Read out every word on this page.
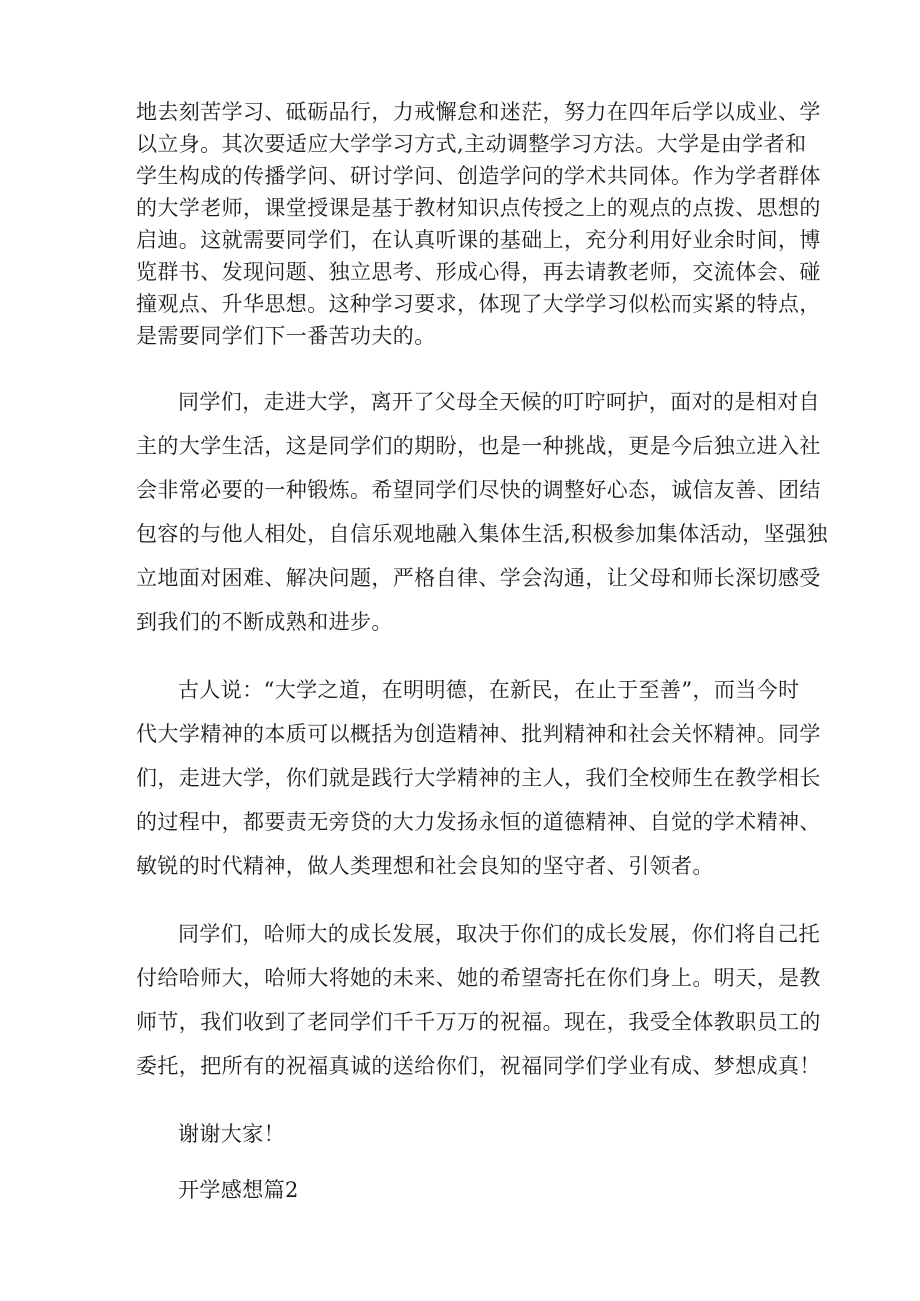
地去刻苦学习、砥砺品行，力戒懈怠和迷茫，努力在四年后学以成业、学
以立身。其次要适应大学学习方式,主动调整学习方法。大学是由学者和
学生构成的传播学问、研讨学问、创造学问的学术共同体。作为学者群体
的大学老师，课堂授课是基于教材知识点传授之上的观点的点拨、思想的
启迪。这就需要同学们，在认真听课的基础上，充分利用好业余时间，博
览群书、发现问题、独立思考、形成心得，再去请教老师，交流体会、碰
撞观点、升华思想。这种学习要求，体现了大学学习似松而实紧的特点，
是需要同学们下一番苦功夫的。
同学们，走进大学，离开了父母全天候的叮咛呵护，面对的是相对自
主的大学生活，这是同学们的期盼，也是一种挑战，更是今后独立进入社
会非常必要的一种锻炼。希望同学们尽快的调整好心态，诚信友善、团结
包容的与他人相处，自信乐观地融入集体生活,积极参加集体活动，坚强独
立地面对困难、解决问题，严格自律、学会沟通，让父母和师长深切感受
到我们的不断成熟和进步。
古人说：“大学之道，在明明德，在新民，在止于至善”，而当今时
代大学精神的本质可以概括为创造精神、批判精神和社会关怀精神。同学
们，走进大学，你们就是践行大学精神的主人，我们全校师生在教学相长
的过程中，都要责无旁贷的大力发扬永恒的道德精神、自觉的学术精神、
敏锐的时代精神，做人类理想和社会良知的坚守者、引领者。
同学们，哈师大的成长发展，取决于你们的成长发展，你们将自己托
付给哈师大，哈师大将她的未来、她的希望寄托在你们身上。明天，是教
师节，我们收到了老同学们千千万万的祝福。现在，我受全体教职员工的
委托，把所有的祝福真诚的送给你们，祝福同学们学业有成、梦想成真！
谢谢大家！
开学感想篇2
